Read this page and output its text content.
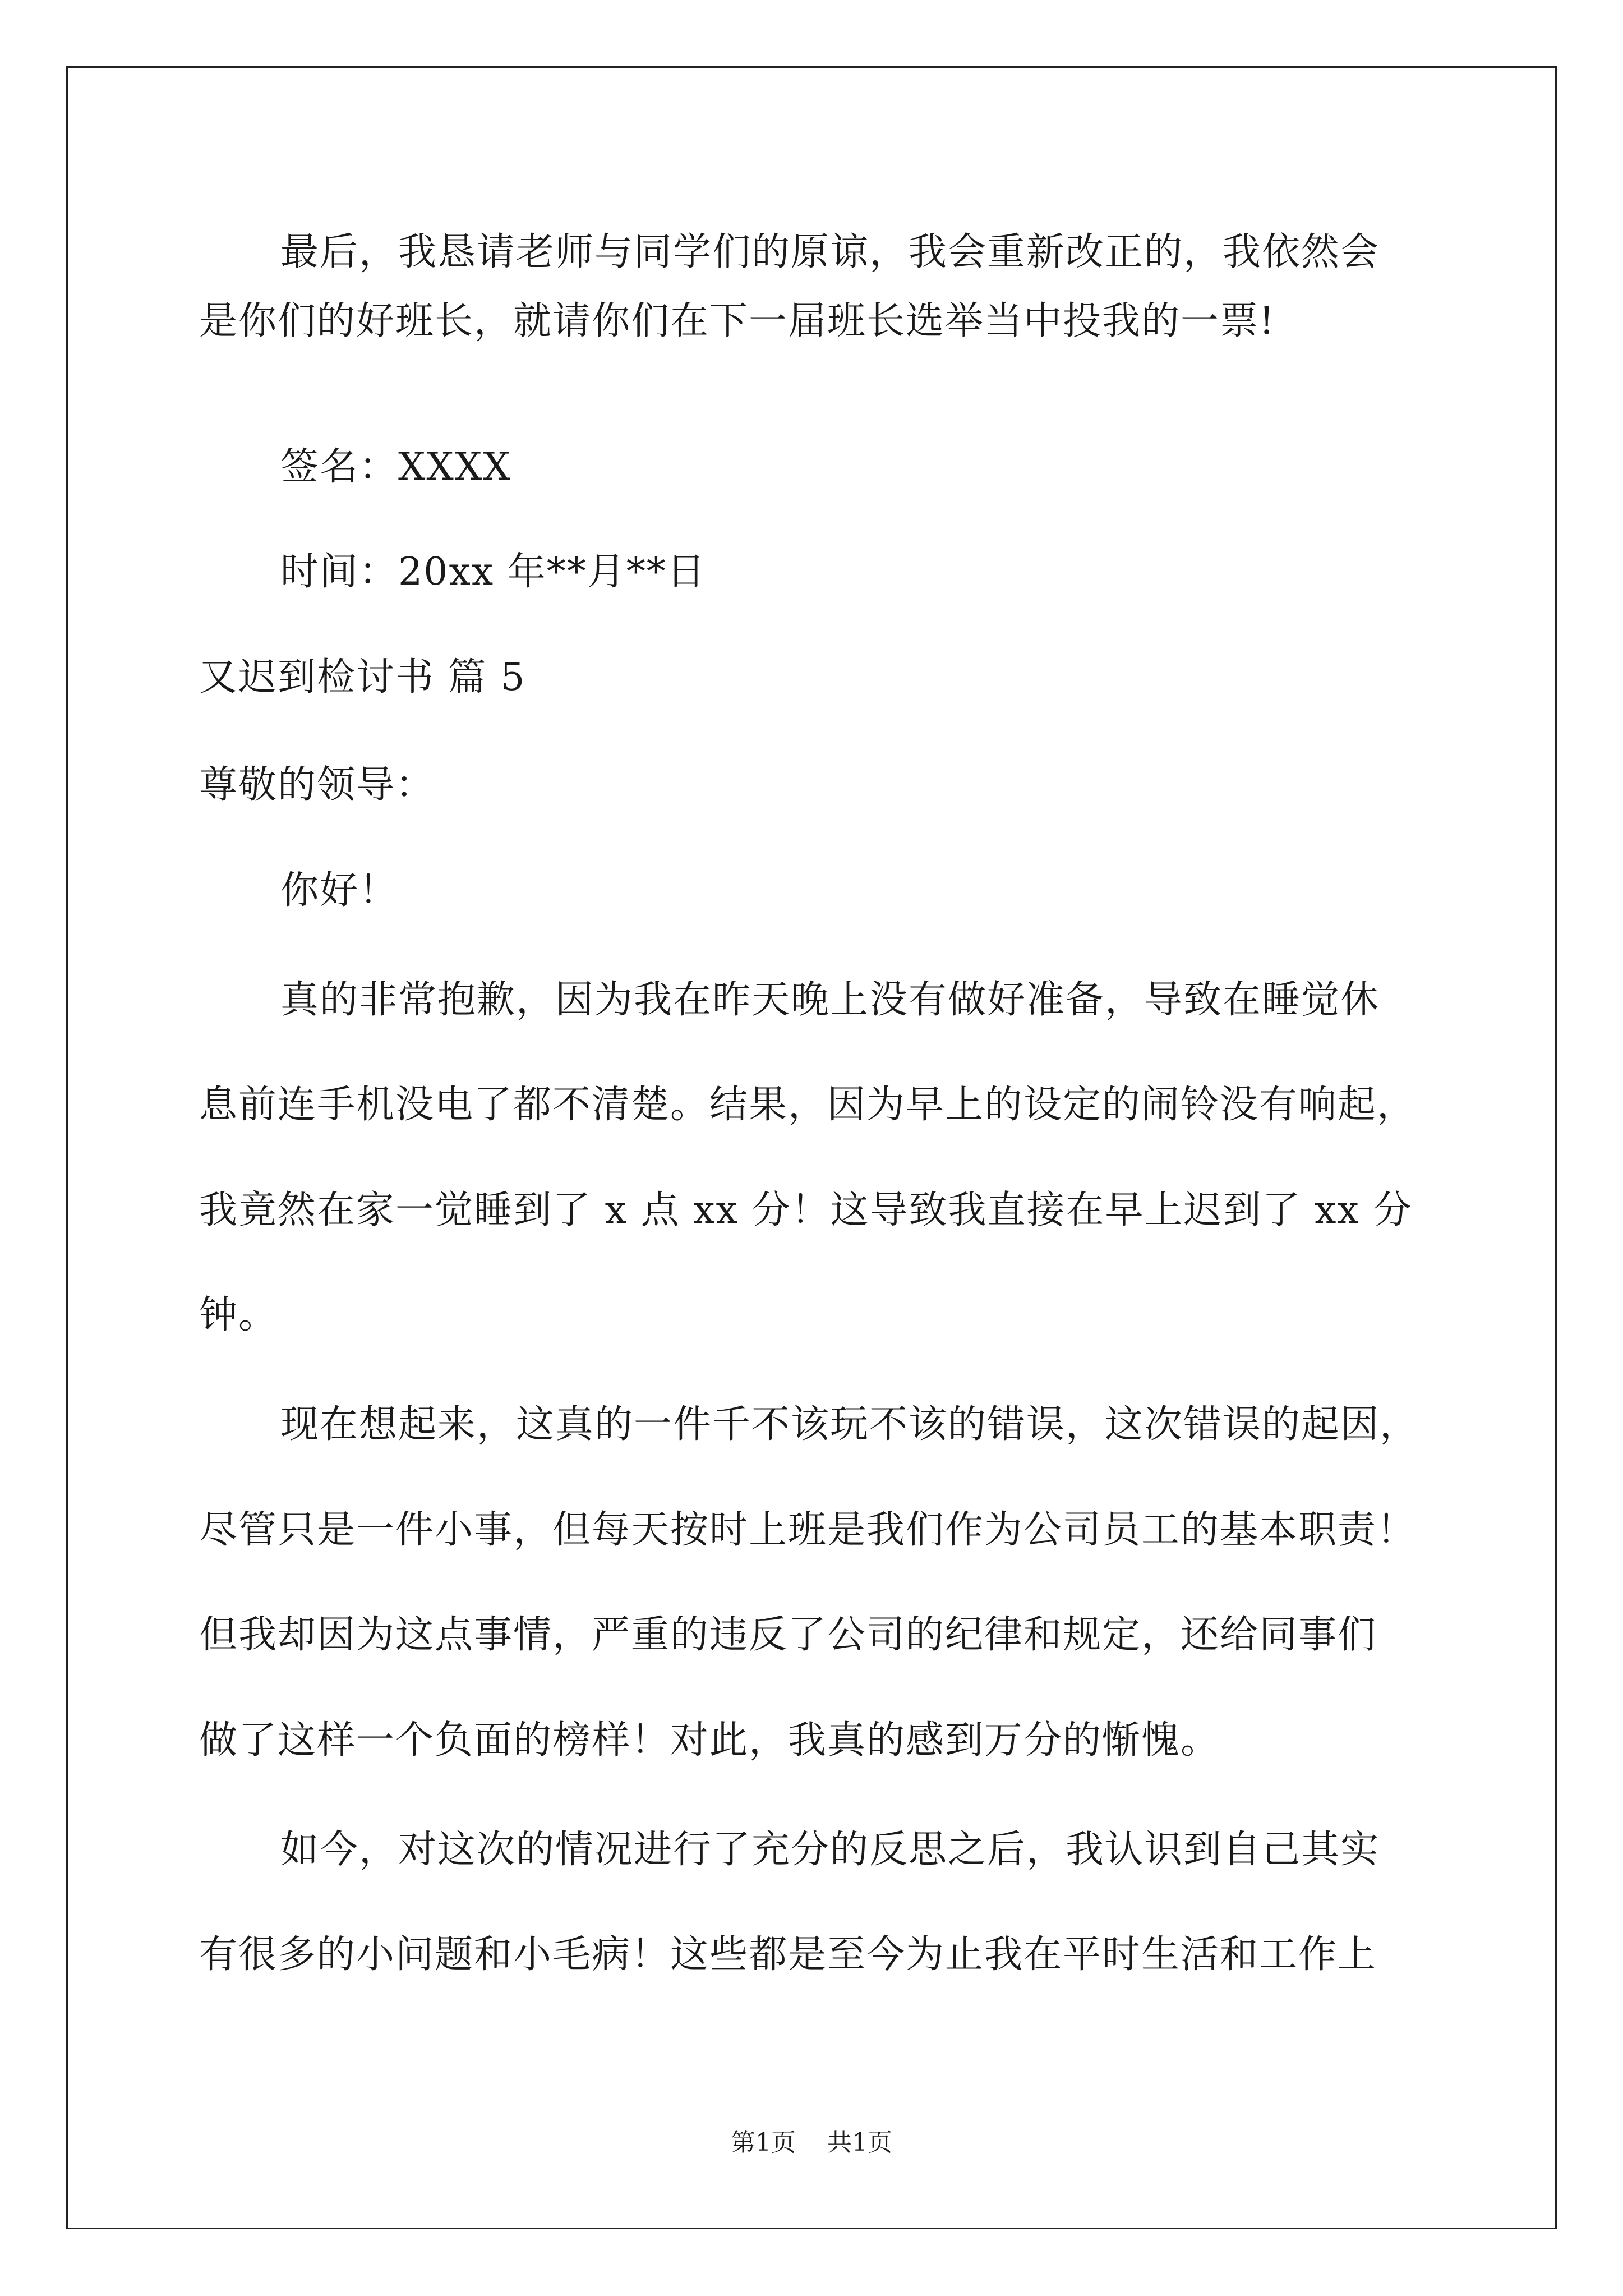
最后，我恳请老师与同学们的原谅，我会重新改正的，我依然会
是你们的好班长，就请你们在下一届班长选举当中投我的一票!
签名：XXXX
时间：20xx 年**月**日
又迟到检讨书 篇 5
尊敬的领导：
你好！
真的非常抱歉，因为我在昨天晚上没有做好准备，导致在睡觉休
息前连手机没电了都不清楚。结果，因为早上的设定的闹铃没有响起，
我竟然在家一觉睡到了 x 点 xx 分！这导致我直接在早上迟到了 xx 分
钟。
现在想起来，这真的一件千不该玩不该的错误，这次错误的起因，
尽管只是一件小事，但每天按时上班是我们作为公司员工的基本职责！
但我却因为这点事情，严重的违反了公司的纪律和规定，还给同事们
做了这样一个负面的榜样！对此，我真的感到万分的惭愧。
如今，对这次的情况进行了充分的反思之后，我认识到自己其实
有很多的小问题和小毛病！这些都是至今为止我在平时生活和工作上
第1页 共1页
